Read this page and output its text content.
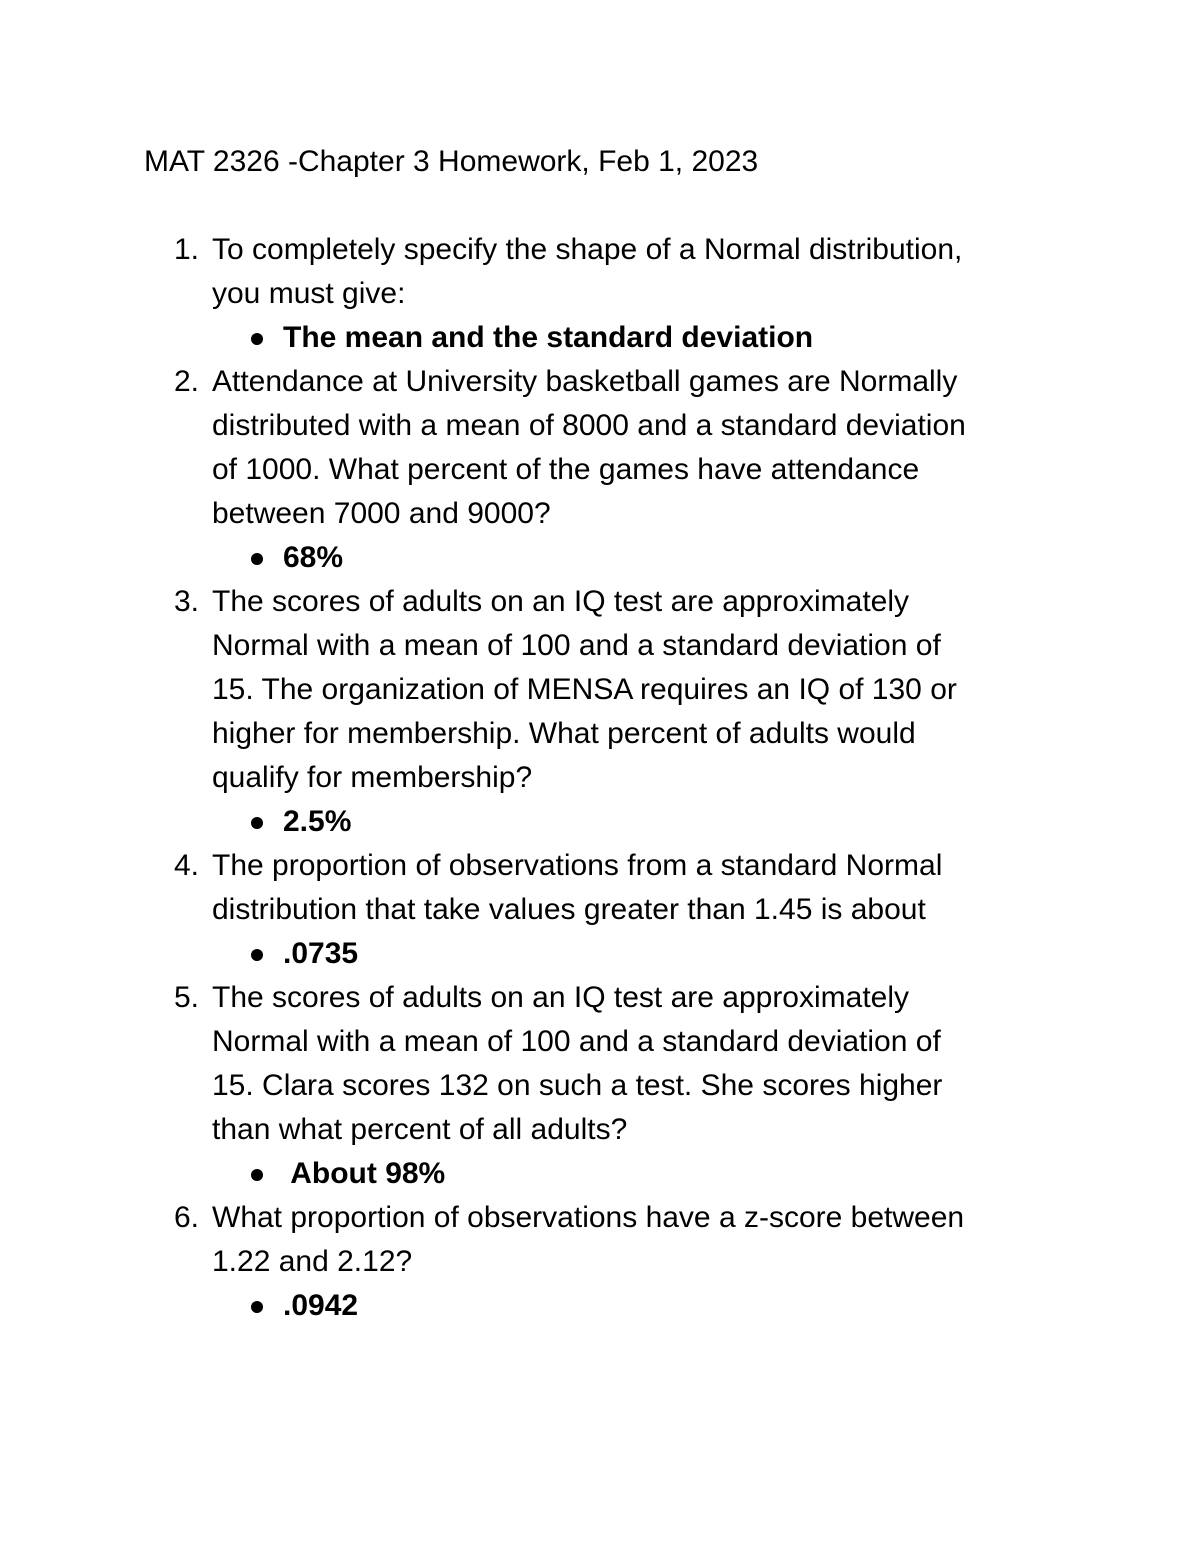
MAT 2326 -Chapter 3 Homework, Feb 1, 2023
1. To completely specify the shape of a Normal distribution,
you must give:
The mean and the standard deviation
2. Attendance at University basketball games are Normally
distributed with a mean of 8000 and a standard deviation
of 1000. What percent of the games have attendance
between 7000 and 9000?
68%
3. The scores of adults on an IQ test are approximately
Normal with a mean of 100 and a standard deviation of
15. The organization of MENSA requires an IQ of 130 or
higher for membership. What percent of adults would
qualify for membership?
2.5%
4. The proportion of observations from a standard Normal
distribution that take values greater than 1.45 is about
.0735
5. The scores of adults on an IQ test are approximately
Normal with a mean of 100 and a standard deviation of
15. Clara scores 132 on such a test. She scores higher
than what percent of all adults?
About 98%
6. What proportion of observations have a z-score between
1.22 and 2.12?
.0942
